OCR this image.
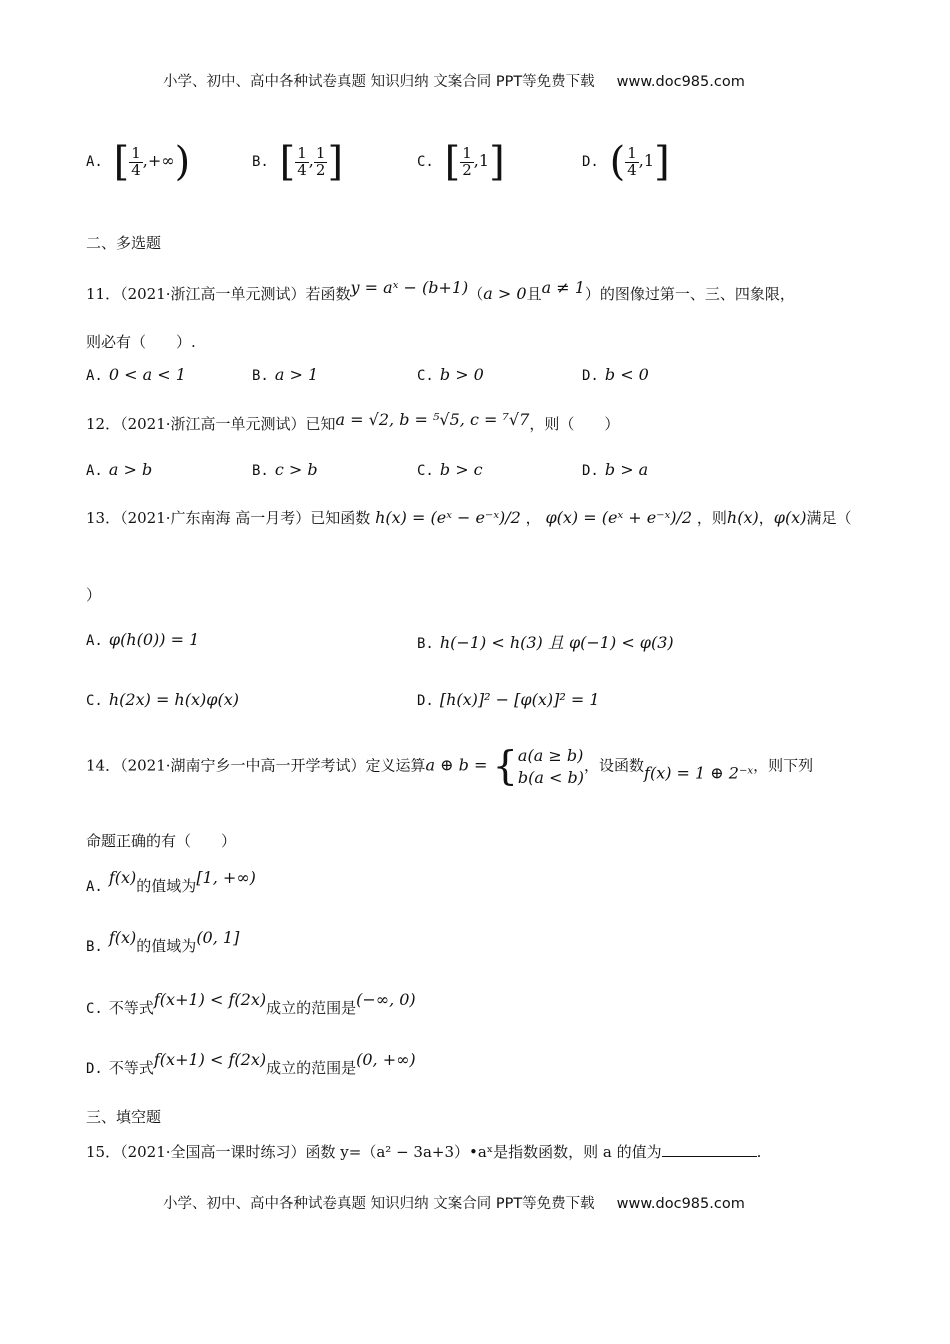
小学、初中、高中各种试卷真题 知识归纳 文案合同 PPT等免费下载 www.doc985.com
A. [ $\frac{1}{4}$ ,+∞)	B. [ $\frac{1}{4}$ , $\frac{1}{2}$ ]	C. [ $\frac{1}{2} ,1$]	D. ( $\frac{1}{4} ,1$]
二、多选题
11．（2021·浙江高一单元测试）若函数y = aˣ − (b+1)（a > 0且a ≠ 1）的图像过第一、三、四象限，
则必有（　　）.
A. 0 < a < 1	B. a > 1	C. b > 0	D. b < 0
12．（2021·浙江高一单元测试）已知a = √2, b = ⁵√5, c = ⁷√7，则（　　）
A. a > b	B. c > b	C. b > c	D. b > a
13．（2021·广东南海 高一月考）已知函数 h(x) = (eˣ − e⁻ˣ)/2 ， φ(x) = (eˣ + e⁻ˣ)/2 ，则h(x)，φ(x)满足（
）
A. φ(h(0)) = 1	B. h(−1) < h(3) 且 φ(−1) < φ(3)
C. h(2x) = h(x)φ(x)	D. [h(x)]² − [φ(x)]² = 1
14．（2021·湖南宁乡一中高一开学考试）定义运算a ⊕ b = { a(a ≥ b)
b(a < b)
，设函数f(x) = 1 ⊕ 2⁻ˣ，则下列
命题正确的有（　　）
A. f(x)的值域为[1, +∞)
B. f(x)的值域为(0, 1]
C. 不等式f(x+1) < f(2x)成立的范围是(−∞, 0)
D. 不等式f(x+1) < f(2x)成立的范围是(0, +∞)
三、填空题
15．（2021·全国高一课时练习）函数 y=（a² − 3a+3）•aˣ是指数函数，则 a 的值为	.
小学、初中、高中各种试卷真题 知识归纳 文案合同 PPT等免费下载 www.doc985.com
